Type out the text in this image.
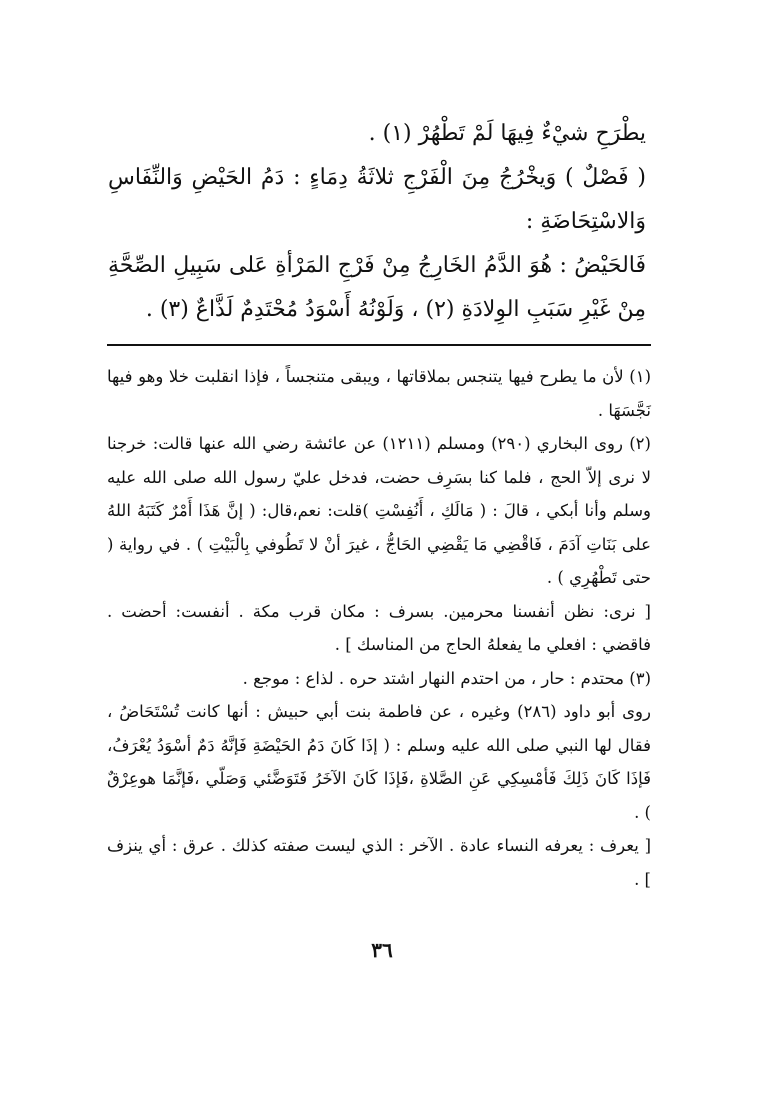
يطْرَحِ شيْءٌ فِيهَا لَمْ تَطْهُرْ (١) .

( فَصْلٌ ) وَيخْرُجُ مِنَ الْفَرْجِ ثلاثَةُ دِمَاءٍ : دَمُ الحَيْضِ وَالنِّفَاسِ وَالاسْتِحَاضَةِ :

فَالحَيْضُ : هُوَ الدَّمُ الخَارِجُ مِنْ فَرْجِ المَرْأةِ عَلى سَبِيلِ الصِّحَّةِ مِنْ غَيْرِ سَبَبِ الوِلادَةِ (٢) ، وَلَوْنُهُ أَسْوَدُ مُحْتَدِمٌ لَذَّاعٌ (٣) .

(١) لأن ما يطرح فيها يتنجس بملاقاتها ، ويبقى متنجساً ، فإذا انقلبت خلا وهو فيها نَجَّسَهَا .

(٢) روى البخاري (٢٩٠) ومسلم (١٢١١) عن عائشة رضي الله عنها قالت: خرجنا لا نرى إلاّ الحج ، فلما كنا بسَرِف حضت، فدخل عليّ رسول الله صلى الله عليه وسلم وأنا أبكي ، قالَ : ( مَالَكِ ، أَنُفِسْتِ )قلت: نعم،قال: ( إنَّ هَذَا أَمْرٌ كَتَبَهُ اللهُ على بَنَاتِ آدَمَ ، فَاقْضِي مَا يَقْضِي الحَاجُّ ، غيرَ أنْ لا تَطُوفي بِالْبَيْتِ ) . في رواية ( حتى تَطْهُرِي ) .

[ نرى: نظن أنفسنا محرمين. بسرف : مكان قرب مكة . أنفست: أحضت . فاقضي : افعلي ما يفعلهُ الحاج من المناسك ] .

(٣) محتدم : حار ، من احتدم النهار اشتد حره . لذاع : موجع .

روى أبو داود (٢٨٦) وغيره ، عن فاطمة بنت أبي حبيش : أنها كانت تُسْتَحَاضُ ، فقال لها النبي صلى الله عليه وسلم : ( إذَا كَانَ دَمُ الحَيْضَةِ فَإنَّهُ دَمٌ أسْوَدُ يُعْرَفُ، فَإذَا كَانَ ذَلِكَ فَأمْسِكِي عَنِ الصَّلاةِ ،فَإذَا كَانَ الآخَرُ فَتَوَضَّئي وَصَلّي ،فَإنَّمَا هوعِرْقٌ ) .

[ يعرف : يعرفه النساء عادة . الآخر : الذي ليست صفته كذلك . عرق : أي ينزف ] .

٣٦
